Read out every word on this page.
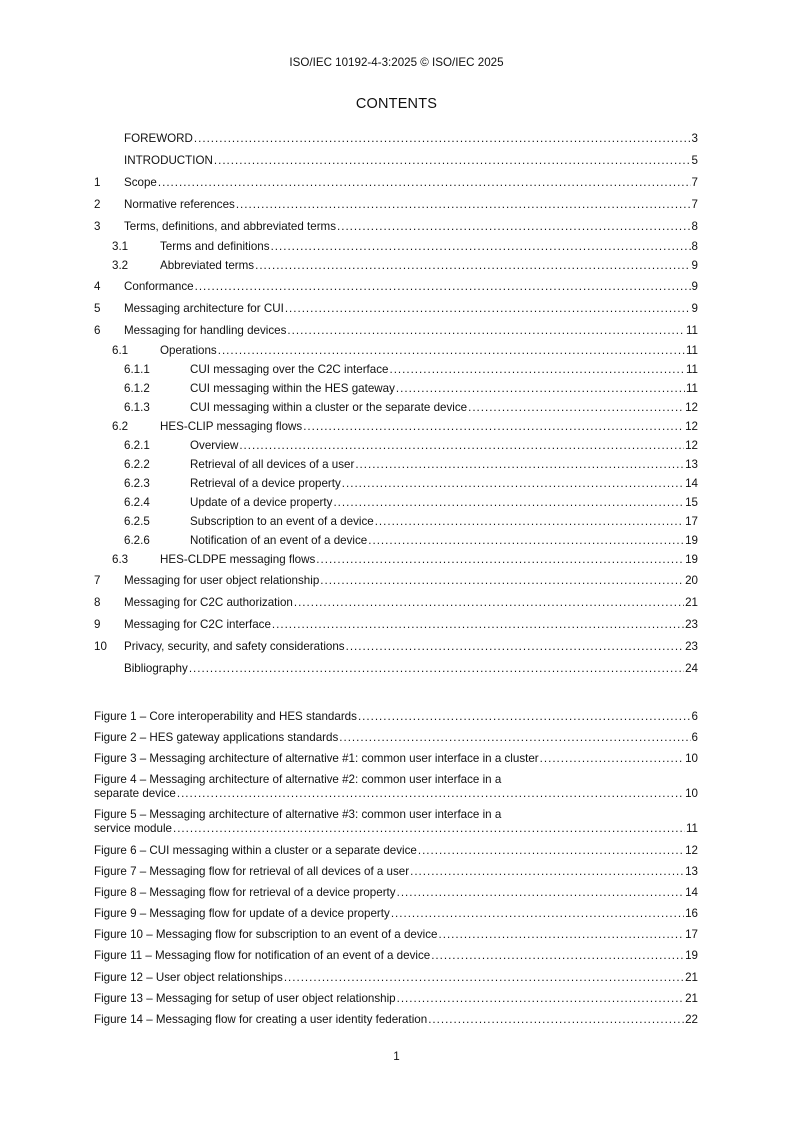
ISO/IEC 10192-4-3:2025 © ISO/IEC 2025
CONTENTS
FOREWORD .....	3
INTRODUCTION .....	5
1	Scope .....	7
2	Normative references .....	7
3	Terms, definitions, and abbreviated terms .....	8
3.1	Terms and definitions .....	8
3.2	Abbreviated terms .....	9
4	Conformance .....	9
5	Messaging architecture for CUI .....	9
6	Messaging for handling devices .....	11
6.1	Operations .....	11
6.1.1	CUI messaging over the C2C interface .....	11
6.1.2	CUI messaging within the HES gateway .....	11
6.1.3	CUI messaging within a cluster or the separate device .....	12
6.2	HES-CLIP messaging flows .....	12
6.2.1	Overview .....	12
6.2.2	Retrieval of all devices of a user .....	13
6.2.3	Retrieval of a device property .....	14
6.2.4	Update of a device property .....	15
6.2.5	Subscription to an event of a device .....	17
6.2.6	Notification of an event of a device .....	19
6.3	HES-CLDPE messaging flows .....	19
7	Messaging for user object relationship .....	20
8	Messaging for C2C authorization .....	21
9	Messaging for C2C interface .....	23
10	Privacy, security, and safety considerations .....	23
Bibliography .....	24
Figure 1 – Core interoperability and HES standards .....	6
Figure 2 – HES gateway applications standards .....	6
Figure 3 – Messaging architecture of alternative #1: common user interface in a cluster .....	10
Figure 4 – Messaging architecture of alternative #2: common user interface in a
separate device .....	10
Figure 5 – Messaging architecture of alternative #3: common user interface in a
service module .....	11
Figure 6 – CUI messaging within a cluster or a separate device .....	12
Figure 7 – Messaging flow for retrieval of all devices of a user .....	13
Figure 8 – Messaging flow for retrieval of a device property .....	14
Figure 9 – Messaging flow for update of a device property .....	16
Figure 10 – Messaging flow for subscription to an event of a device .....	17
Figure 11 – Messaging flow for notification of an event of a device .....	19
Figure 12 – User object relationships .....	21
Figure 13 – Messaging for setup of user object relationship .....	21
Figure 14 – Messaging flow for creating a user identity federation .....	22
1
